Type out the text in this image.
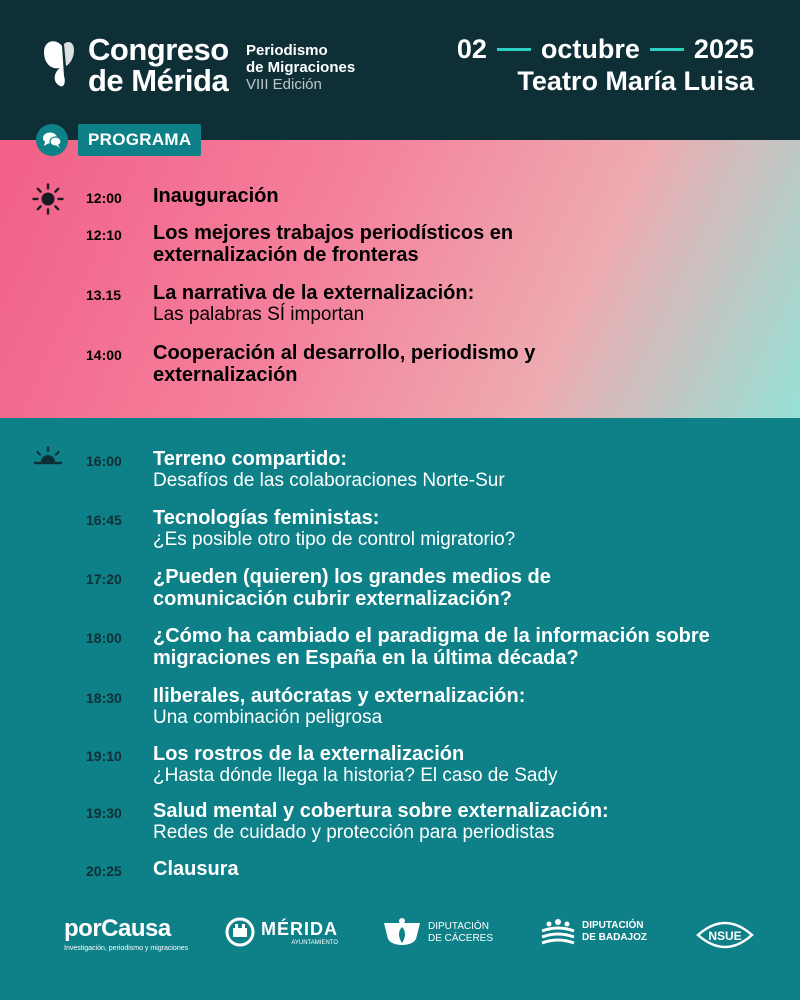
Congreso
de Mérida
Periodismo
de Migraciones
VIII Edición
02 octubre 2025
Teatro María Luisa
PROGRAMA
12:00 Inauguración
12:10 Los mejores trabajos periodísticos en externalización de fronteras
13.15 La narrativa de la externalización:
Las palabras SÍ importan
14:00 Cooperación al desarrollo, periodismo y externalización
16:00 Terreno compartido:
Desafíos de las colaboraciones Norte-Sur
16:45 Tecnologías feministas:
¿Es posible otro tipo de control migratorio?
17:20 ¿Pueden (quieren) los grandes medios de comunicación cubrir externalización?
18:00 ¿Cómo ha cambiado el paradigma de la información sobre migraciones en España en la última década?
18:30 Iliberales, autócratas y externalización:
Una combinación peligrosa
19:10 Los rostros de la externalización
¿Hasta dónde llega la historia? El caso de Sady
19:30 Salud mental y cobertura sobre externalización:
Redes de cuidado y protección para periodistas
20:25 Clausura
porCausa
Investigación, periodismo y migraciones
MÉRIDA
AYUNTAMIENTO
DIPUTACIÓN
DE CÁCERES
DIPUTACIÓN
DE BADAJOZ	NSUE
